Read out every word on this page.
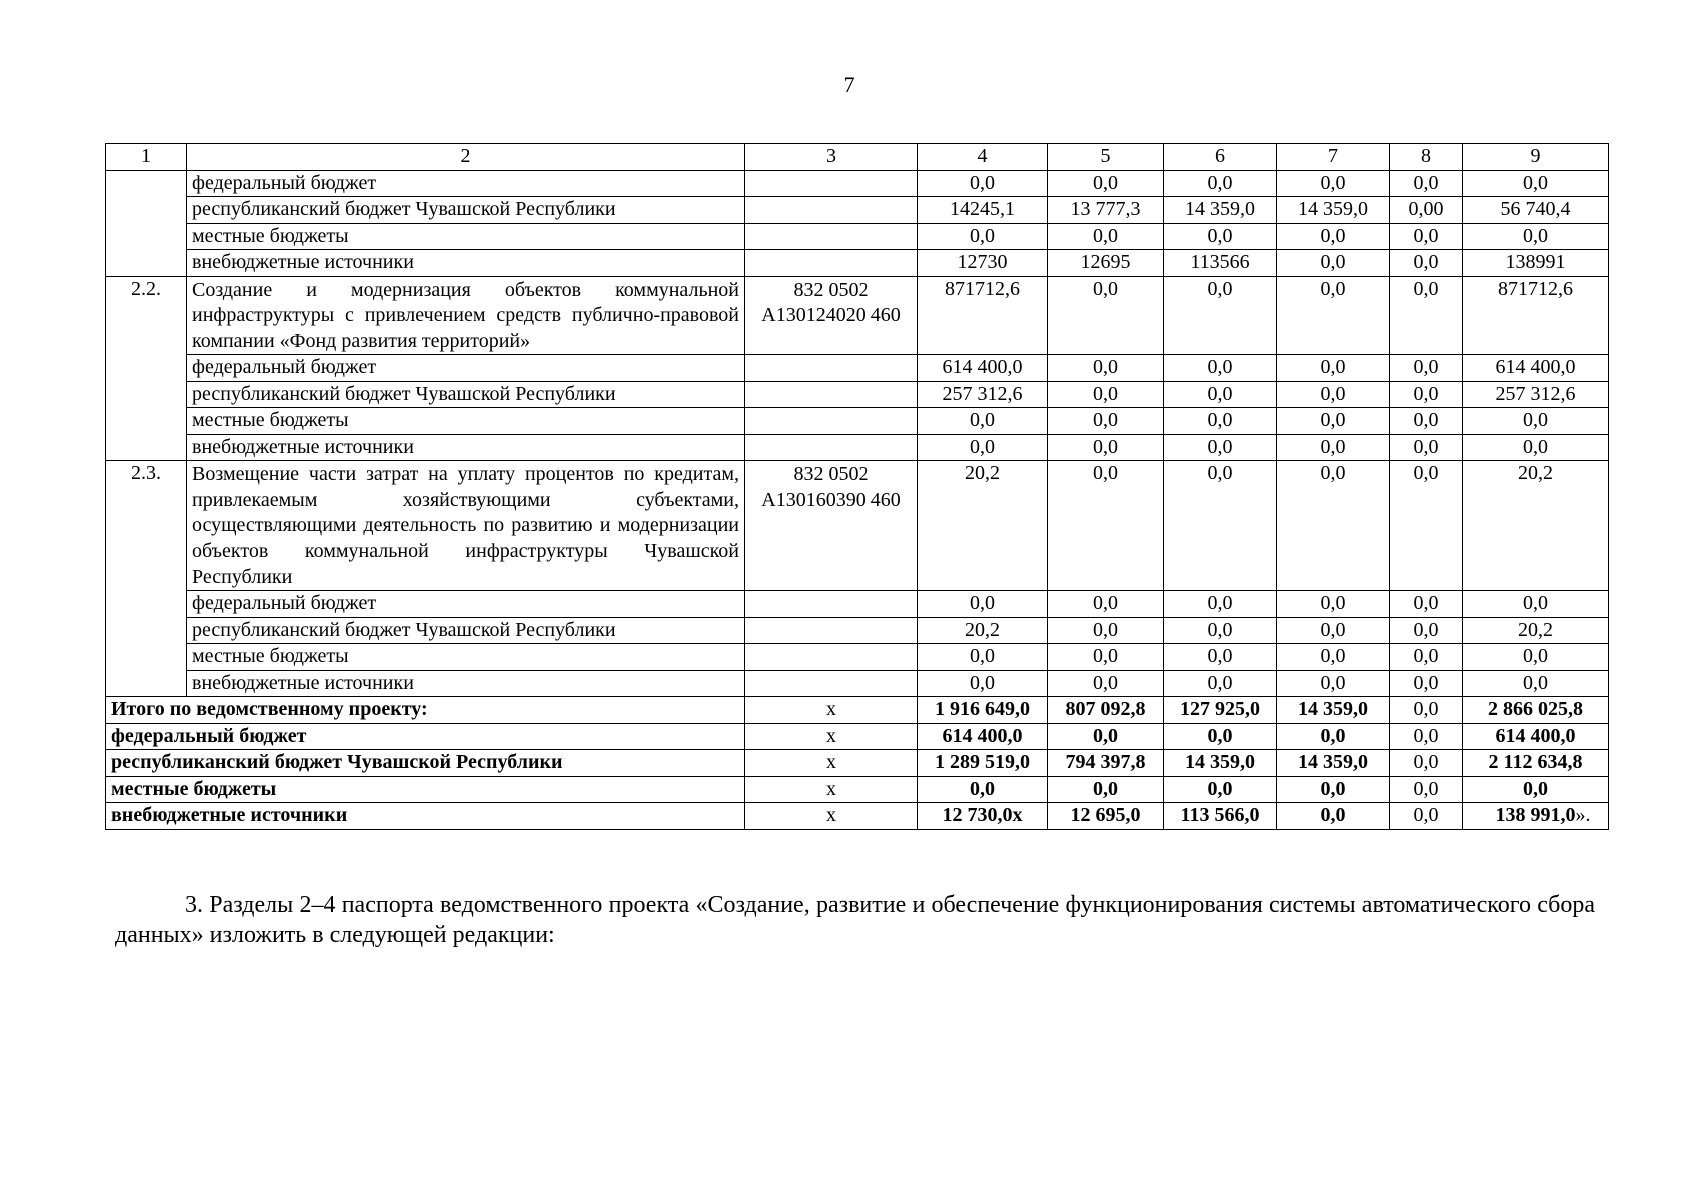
7
1	2	3	4	5	6	7	8	9
	федеральный бюджет		0,0	0,0	0,0	0,0	0,0	0,0
	республиканский бюджет Чувашской Республики		14245,1	13 777,3	14 359,0	14 359,0	0,00	56 740,4
	местные бюджеты		0,0	0,0	0,0	0,0	0,0	0,0
	внебюджетные источники		12730	12695	113566	0,0	0,0	138991
2.2.	Создание и модернизация объектов коммунальной инфраструктуры с привлечением средств публично-правовой компании «Фонд развития территорий»	832 0502 А130124020 460	871712,6	0,0	0,0	0,0	0,0	871712,6
	федеральный бюджет		614 400,0	0,0	0,0	0,0	0,0	614 400,0
	республиканский бюджет Чувашской Республики		257 312,6	0,0	0,0	0,0	0,0	257 312,6
	местные бюджеты		0,0	0,0	0,0	0,0	0,0	0,0
	внебюджетные источники		0,0	0,0	0,0	0,0	0,0	0,0
2.3.	Возмещение части затрат на уплату процентов по кредитам, привлекаемым хозяйствующими субъектами, осуществляющими деятельность по развитию и модернизации объектов коммунальной инфраструктуры Чувашской Республики	832 0502 А130160390 460	20,2	0,0	0,0	0,0	0,0	20,2
	федеральный бюджет		0,0	0,0	0,0	0,0	0,0	0,0
	республиканский бюджет Чувашской Республики		20,2	0,0	0,0	0,0	0,0	20,2
	местные бюджеты		0,0	0,0	0,0	0,0	0,0	0,0
	внебюджетные источники		0,0	0,0	0,0	0,0	0,0	0,0
Итого по ведомственному проекту:		х	1 916 649,0	807 092,8	127 925,0	14 359,0	0,0	2 866 025,8
федеральный бюджет		х	614 400,0	0,0	0,0	0,0	0,0	614 400,0
республиканский бюджет Чувашской Республики		х	1 289 519,0	794 397,8	14 359,0	14 359,0	0,0	2 112 634,8
местные бюджеты		х	0,0	0,0	0,0	0,0	0,0	0,0
внебюджетные источники		х	12 730,0х	12 695,0	113 566,0	0,0	0,0	138 991,0 ».

3. Разделы 2–4 паспорта ведомственного проекта «Создание, развитие и обеспечение функционирования системы автоматического сбора данных» изложить в следующей редакции:
